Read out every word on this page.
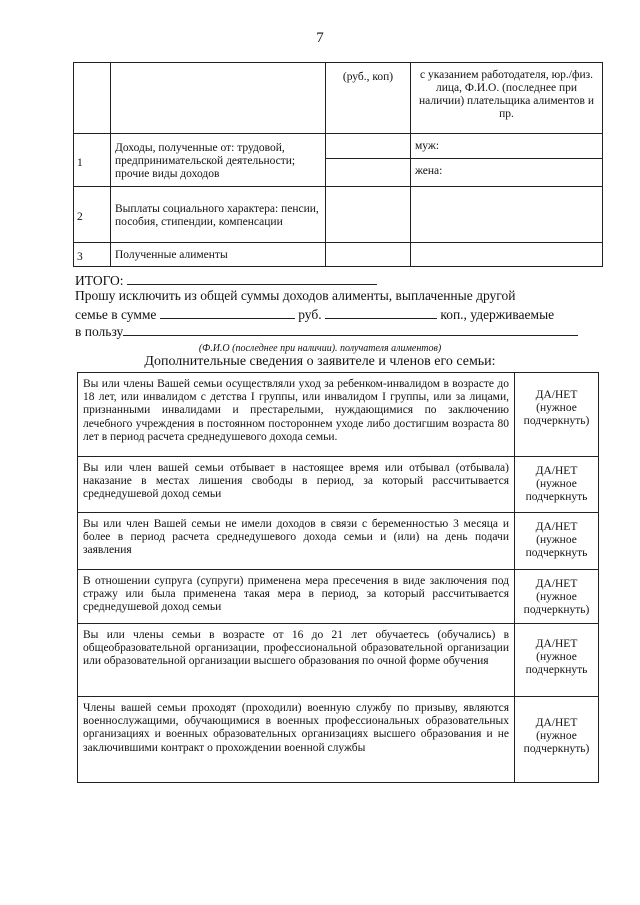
7
		(руб., коп)	с указанием работодателя, юр./физ. лица, Ф.И.О. (последнее при наличии) плательщика алиментов и пр.
1	Доходы, полученные от: трудовой, предпринимательской деятельности; прочие виды доходов		муж:
			жена:
2	Выплаты социального характера: пенсии, пособия, стипендии, компенсации		
3	Полученные алименты		
ИТОГО:
Прошу исключить из общей суммы доходов алименты, выплаченные другой
семье в сумме	руб.	коп., удерживаемые
в пользу
(Ф.И.О (последнее при наличии). получателя алиментов)
Дополнительные сведения о заявителе и членов его семьи:
Вы или члены Вашей семьи осуществляли уход за ребенком-инвалидом в возрасте до 18 лет, или инвалидом с детства I группы, или инвалидом I группы, или за лицами, признанными инвалидами и престарелыми, нуждающимися по заключению лечебного учреждения в постоянном постороннем уходе либо достигшим возраста 80 лет в период расчета среднедушевого дохода семьи.	ДА/НЕТ (нужное подчеркнуть)
Вы или член вашей семьи отбывает в настоящее время или отбывал (отбывала) наказание в местах лишения свободы в период, за который рассчитывается среднедушевой доход семьи	ДА/НЕТ (нужное подчеркнуть
Вы или член Вашей семьи не имели доходов в связи с беременностью 3 месяца и более в период расчета среднедушевого дохода семьи и (или) на день подачи заявления	ДА/НЕТ (нужное подчеркнуть
В отношении супруга (супруги) применена мера пресечения в виде заключения под стражу или была применена такая мера в период, за который рассчитывается среднедушевой доход семьи	ДА/НЕТ (нужное подчеркнуть)
Вы или члены семьи в возрасте от 16 до 21 лет обучаетесь (обучались) в общеобразовательной организации, профессиональной образовательной организации или образовательной организации высшего образования по очной форме обучения	ДА/НЕТ (нужное подчеркнуть
Члены вашей семьи проходят (проходили) военную службу по призыву, являются военнослужащими, обучающимися в военных профессиональных образовательных организациях и военных образовательных организациях высшего образования и не заключившими контракт о прохождении военной службы	ДА/НЕТ (нужное подчеркнуть)
